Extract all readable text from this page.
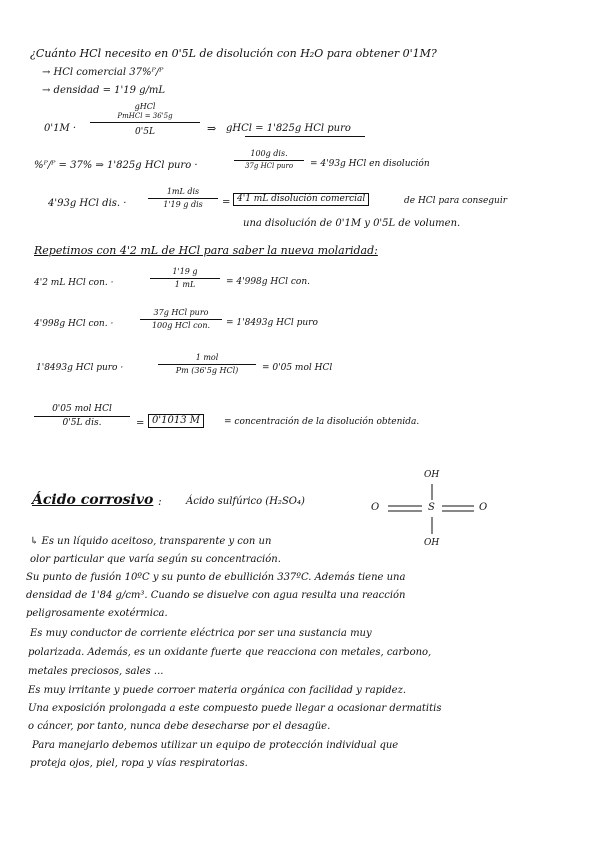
¿Cuánto HCl necesito en 0'5L de disolución con H₂O para obtener 0'1M?
→ HCl comercial 37%ᴾ/ᴾ
→ densidad = 1'19 g/mL
0'1M ·
gHCl
PmHCl = 36'5g
0'5L	⇒ gHCl = 1'825g HCl puro
%ᴾ/ᴾ = 37% ⇒ 1'825g HCl puro ·
100g dis.
37g HCl puro	= 4'93g HCl en disolución
4'93g HCl dis. ·
1mL dis
1'19 g dis	= 4'1 mL disolución comercial	de HCl para conseguir
una disolución de 0'1M y 0'5L de volumen.
Repetimos con 4'2 mL de HCl para saber la nueva molaridad:
4'2 mL HCl con. ·
1'19 g
1 mL	= 4'998g HCl con.
4'998g HCl con. ·
37g HCl puro
100g HCl con.	= 1'8493g HCl puro
1'8493g HCl puro ·
1 mol
Pm (36'5g HCl)	= 0'05 mol HCl
0'05 mol HCl
0'5L dis.	= 0'1013 M	= concentración de la disolución obtenida.
Ácido corrosivo : Ácido sulfúrico (H₂SO₄)
OH
O	S	O
OH
↳ Es un líquido aceitoso, transparente y con un
olor particular que varía según su concentración.
Su punto de fusión 10ºC y su punto de ebullición 337ºC. Además tiene una
densidad de 1'84 g/cm³. Cuando se disuelve con agua resulta una reacción
peligrosamente exotérmica.
Es muy conductor de corriente eléctrica por ser una sustancia muy
polarizada. Además, es un oxidante fuerte que reacciona con metales, carbono,
metales preciosos, sales ...
Es muy irritante y puede corroer materia orgánica con facilidad y rapidez.
Una exposición prolongada a este compuesto puede llegar a ocasionar dermatitis
o cáncer, por tanto, nunca debe desecharse por el desagüe.
Para manejarlo debemos utilizar un equipo de protección individual que
proteja ojos, piel, ropa y vías respiratorias.
